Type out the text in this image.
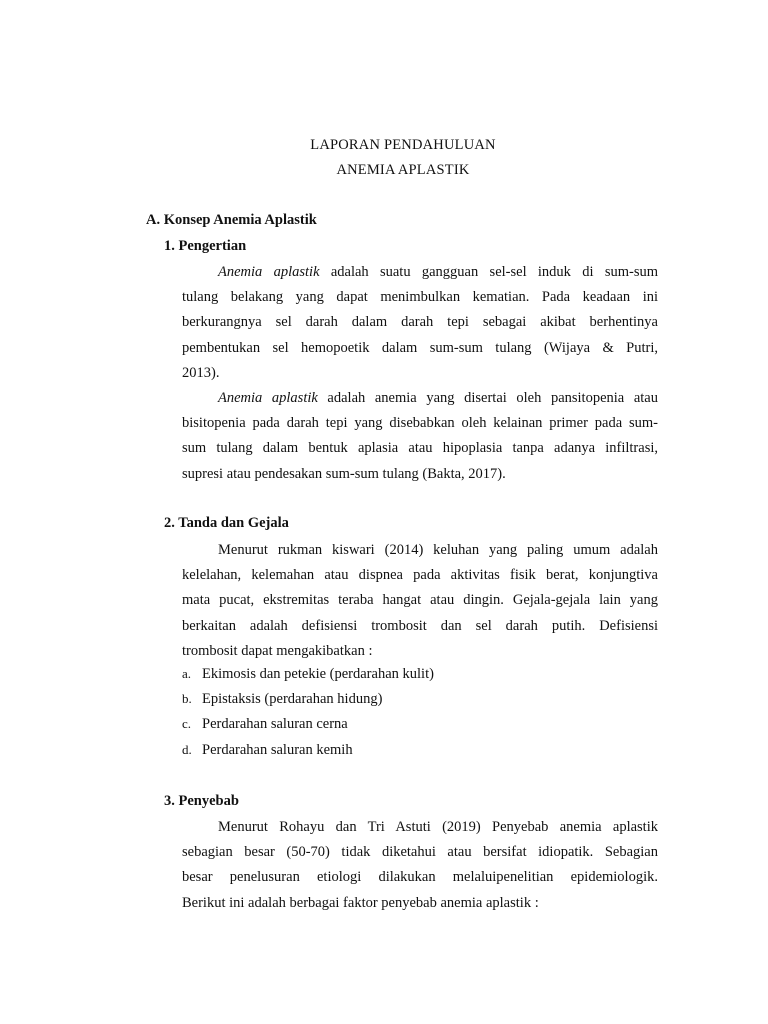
LAPORAN PENDAHULUAN
ANEMIA APLASTIK
A. Konsep Anemia Aplastik
1. Pengertian
Anemia aplastik adalah suatu gangguan sel-sel induk di sum-sum
tulang belakang yang dapat menimbulkan kematian. Pada keadaan ini
berkurangnya sel darah dalam darah tepi sebagai akibat berhentinya
pembentukan sel hemopoetik dalam sum-sum tulang (Wijaya & Putri,
2013).
Anemia aplastik adalah anemia yang disertai oleh pansitopenia atau
bisitopenia pada darah tepi yang disebabkan oleh kelainan primer pada sum-
sum tulang dalam bentuk aplasia atau hipoplasia tanpa adanya infiltrasi,
supresi atau pendesakan sum-sum tulang (Bakta, 2017).
2. Tanda dan Gejala
Menurut rukman kiswari (2014) keluhan yang paling umum adalah
kelelahan, kelemahan atau dispnea pada aktivitas fisik berat, konjungtiva
mata pucat, ekstremitas teraba hangat atau dingin. Gejala-gejala lain yang
berkaitan adalah defisiensi trombosit dan sel darah putih. Defisiensi
trombosit dapat mengakibatkan :
a. Ekimosis dan petekie (perdarahan kulit)
b. Epistaksis (perdarahan hidung)
c. Perdarahan saluran cerna
d. Perdarahan saluran kemih
3. Penyebab
Menurut Rohayu dan Tri Astuti (2019) Penyebab anemia aplastik
sebagian besar (50-70) tidak diketahui atau bersifat idiopatik. Sebagian
besar penelusuran etiologi dilakukan melaluipenelitian epidemiologik.
Berikut ini adalah berbagai faktor penyebab anemia aplastik :
